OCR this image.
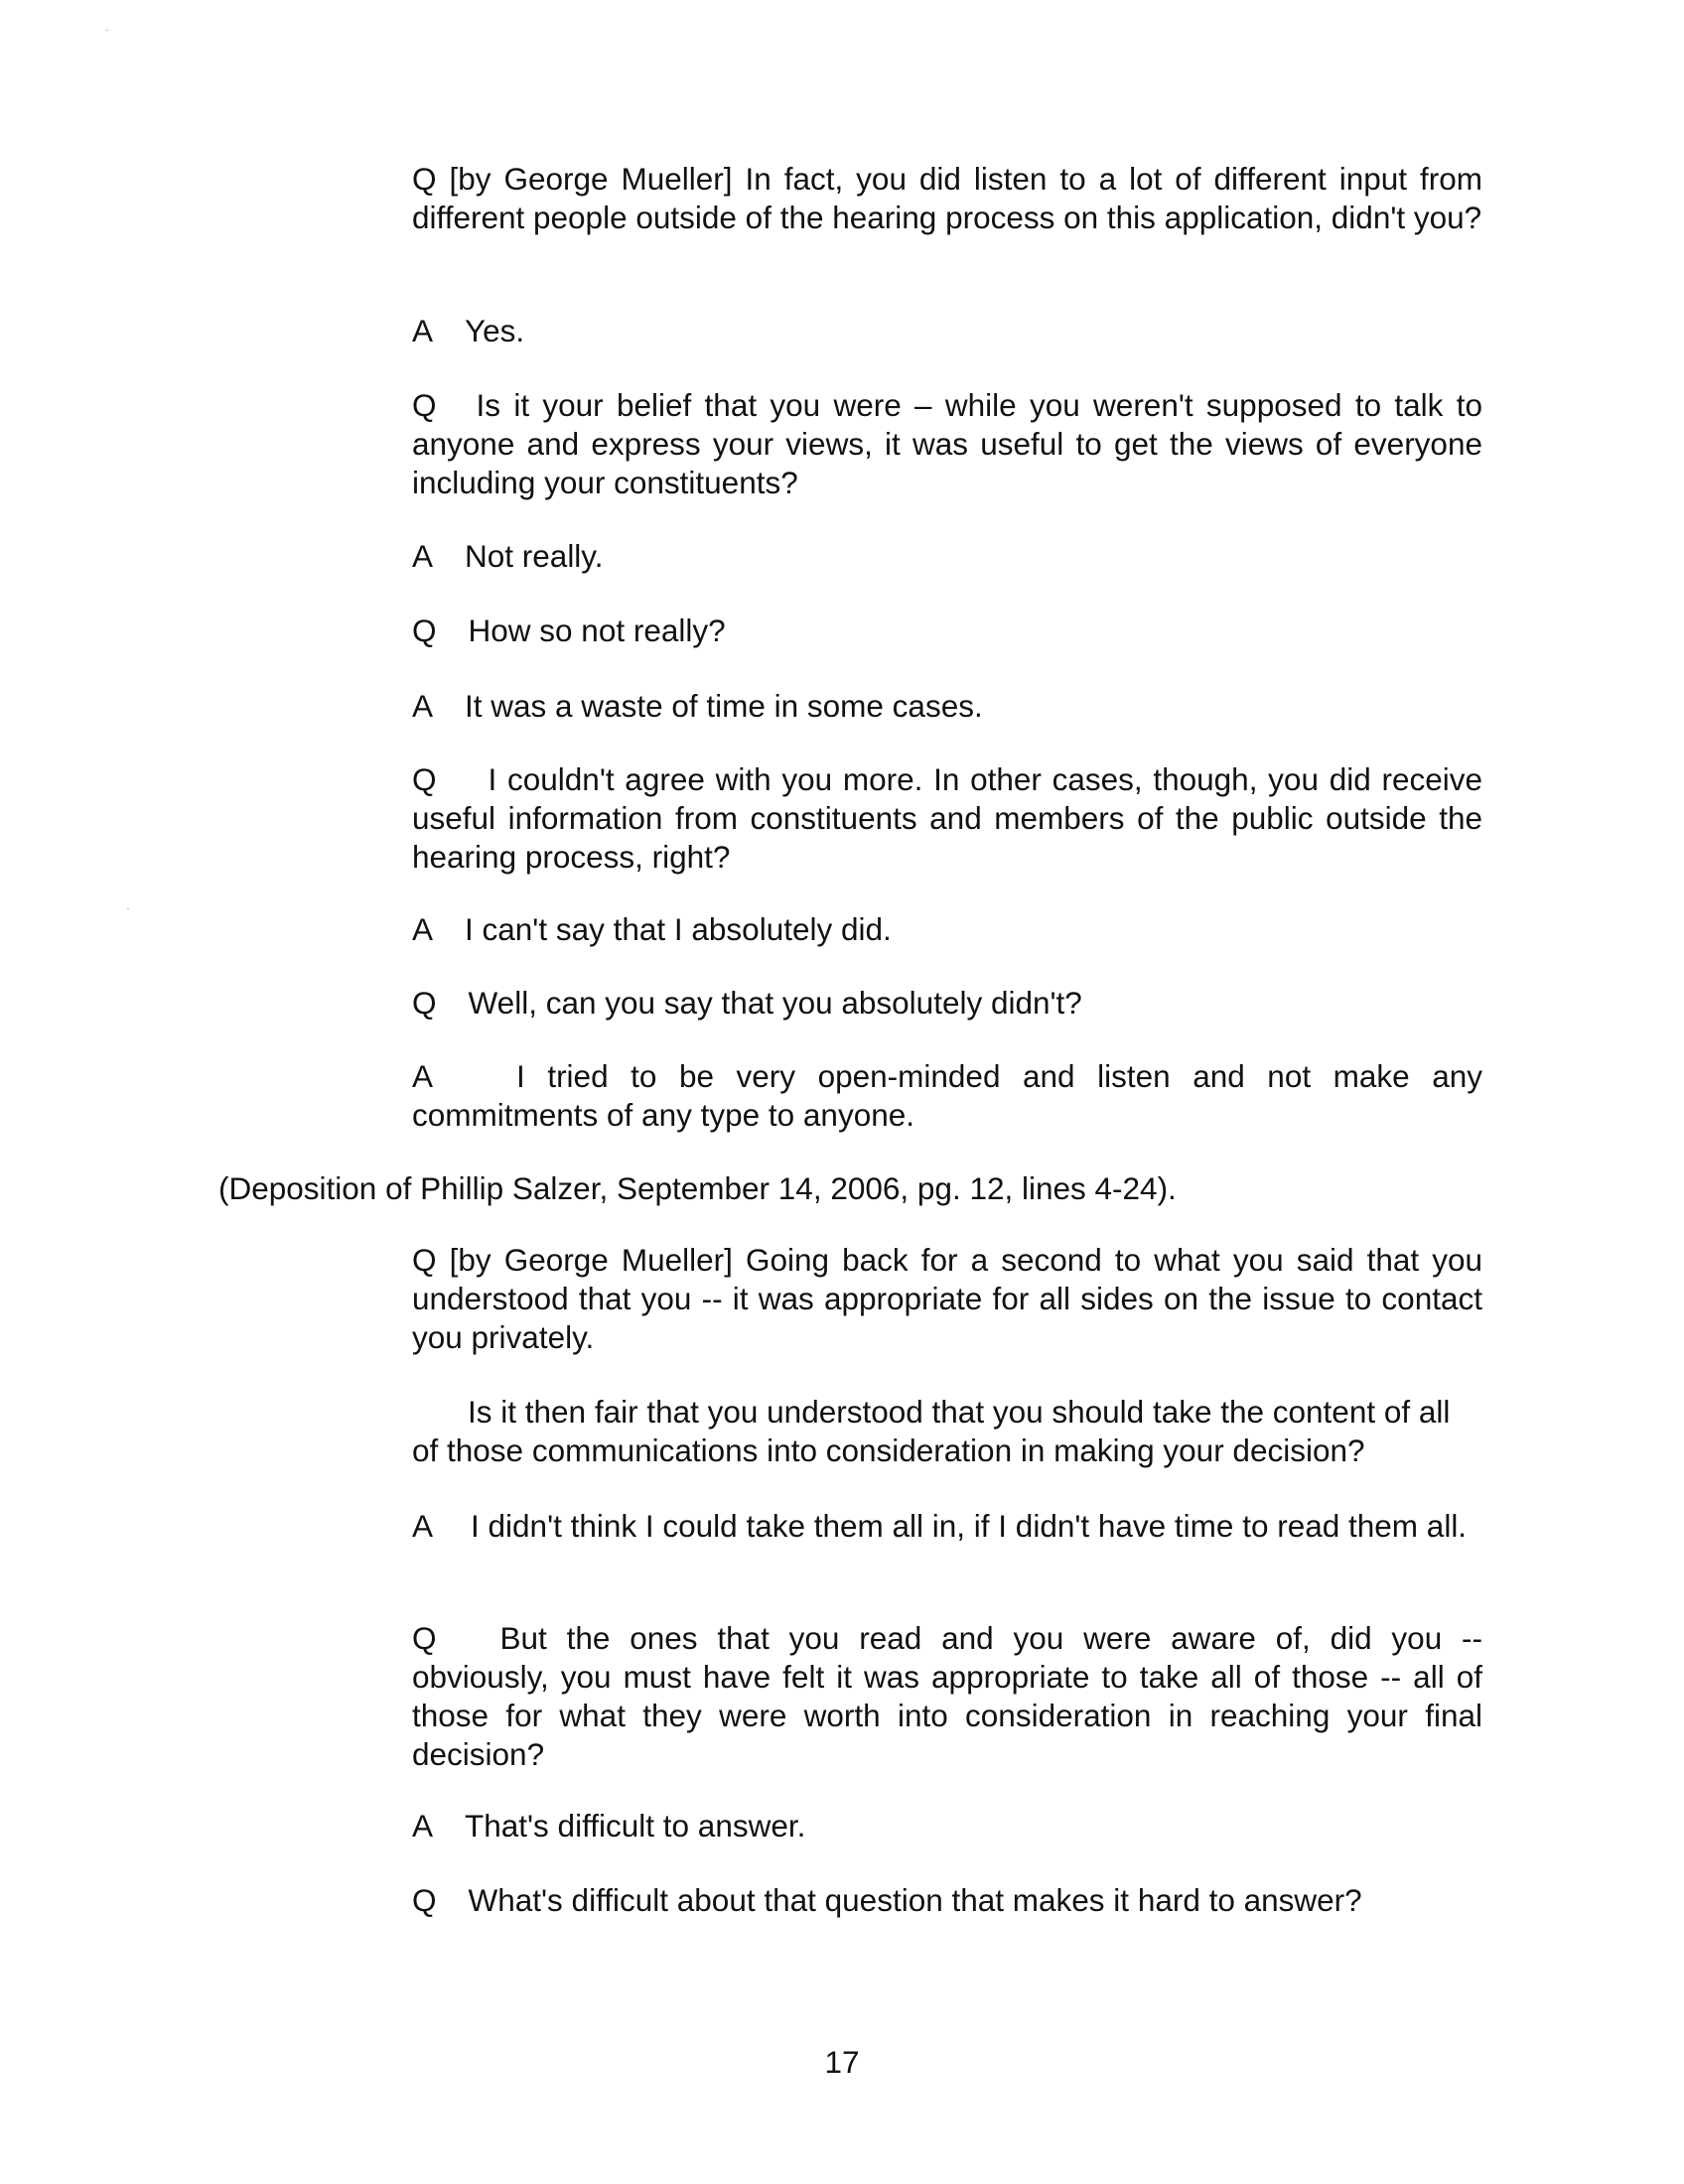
Q [by George Mueller] In fact, you did listen to a lot of different input from different people outside of the hearing process on this application, didn't you?

A Yes.

Q Is it your belief that you were – while you weren't supposed to talk to anyone and express your views, it was useful to get the views of everyone including your constituents?

A Not really.

Q How so not really?

A It was a waste of time in some cases.

Q I couldn't agree with you more. In other cases, though, you did receive useful information from constituents and members of the public outside the hearing process, right?

A I can't say that I absolutely did.

Q Well, can you say that you absolutely didn't?

A	I tried to be very open-minded and listen and not make any commitments of any type to anyone.

(Deposition of Phillip Salzer, September 14, 2006, pg. 12, lines 4-24).

Q [by George Mueller] Going back for a second to what you said that you understood that you -- it was appropriate for all sides on the issue to contact you privately.

Is it then fair that you understood that you should take the content of all of those communications into consideration in making your decision?

A I didn't think I could take them all in, if I didn't have time to read them all.

Q But the ones that you read and you were aware of, did you -- obviously, you must have felt it was appropriate to take all of those -- all of those for what they were worth into consideration in reaching your final decision?

A That's difficult to answer.

Q What's difficult about that question that makes it hard to answer?

17
